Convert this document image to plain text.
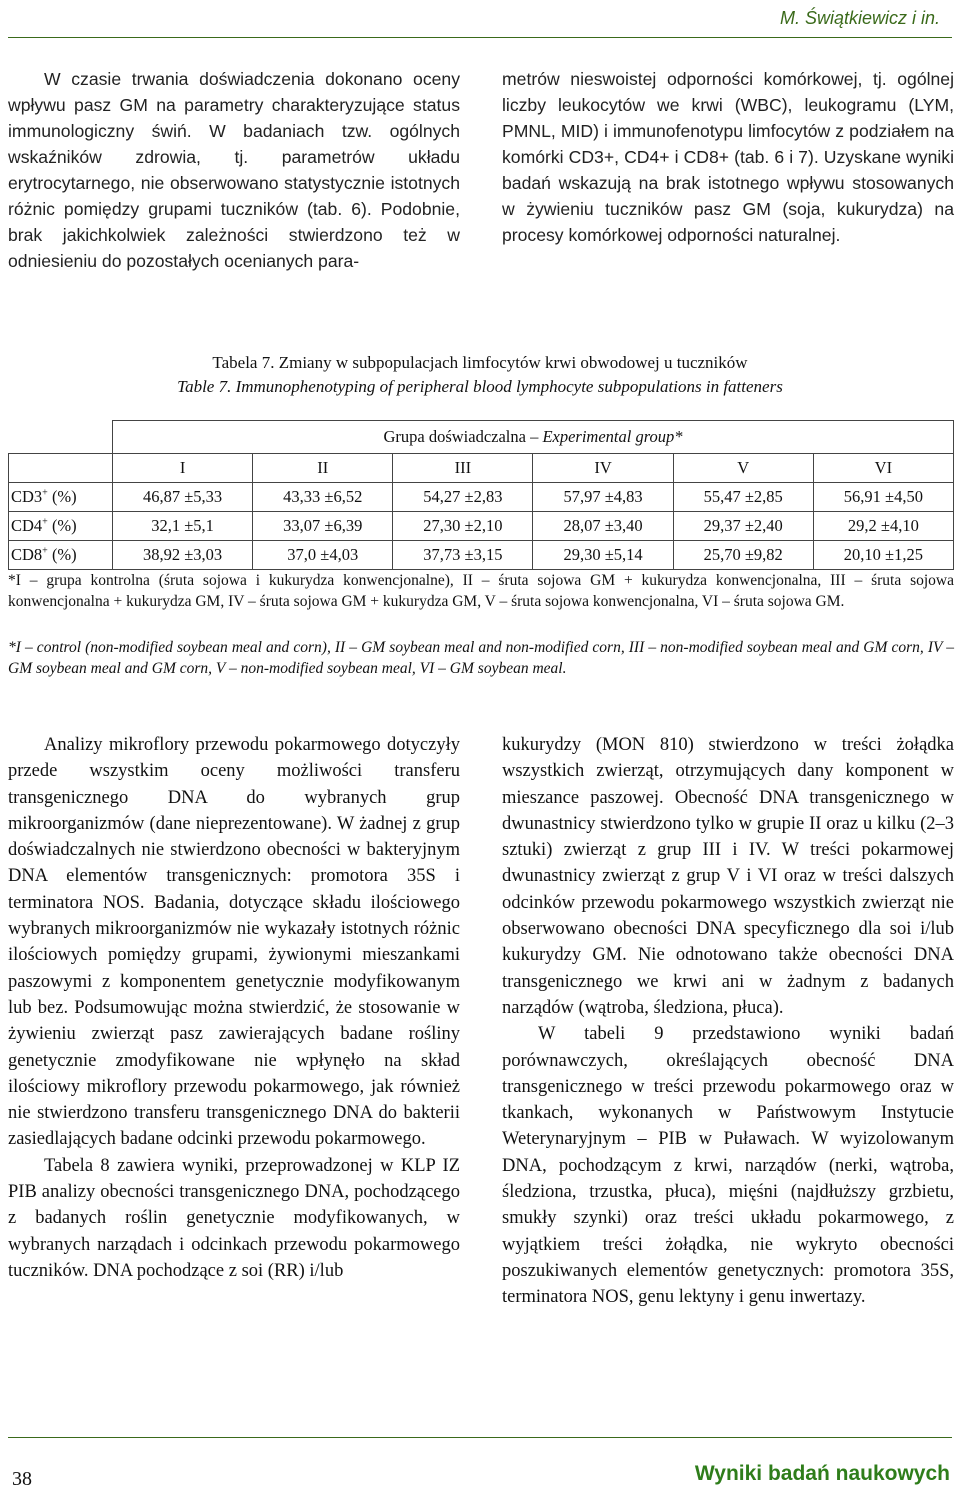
M. Świątkiewicz i in.

W czasie trwania doświadczenia dokonano oceny wpływu pasz GM na parametry charakteryzujące status immunologiczny świń. W badaniach tzw. ogólnych wskaźników zdrowia, tj. parametrów układu erytrocytarnego, nie obserwowano statystycznie istotnych różnic pomiędzy grupami tuczników (tab. 6). Podobnie, brak jakichkolwiek zależności stwierdzono też w odniesieniu do pozostałych ocenianych para-

metrów nieswoistej odporności komórkowej, tj. ogólnej liczby leukocytów we krwi (WBC), leukogramu (LYM, PMNL, MID) i immunofenotypu limfocytów z podziałem na komórki CD3+, CD4+ i CD8+ (tab. 6 i 7). Uzyskane wyniki badań wskazują na brak istotnego wpływu stosowanych w żywieniu tuczników pasz GM (soja, kukurydza) na procesy komórkowej odporności naturalnej.

Tabela 7. Zmiany w subpopulacjach limfocytów krwi obwodowej u tuczników
Table 7. Immunophenotyping of peripheral blood lymphocyte subpopulations in fatteners
	Grupa doświadczalna – Experimental group*					
	I	II	III	IV	V	VI
CD3+ (%)	46,87 ±5,33	43,33 ±6,52	54,27 ±2,83	57,97 ±4,83	55,47 ±2,85	56,91 ±4,50
CD4+ (%)	32,1 ±5,1	33,07 ±6,39	27,30 ±2,10	28,07 ±3,40	29,37 ±2,40	29,2 ±4,10
CD8+ (%)	38,92 ±3,03	37,0 ±4,03	37,73 ±3,15	29,30 ±5,14	25,70 ±9,82	20,10 ±1,25
*I – grupa kontrolna (śruta sojowa i kukurydza konwencjonalne), II – śruta sojowa GM + kukurydza konwencjonalna, III – śruta sojowa konwencjonalna + kukurydza GM, IV – śruta sojowa GM + kukurydza GM, V – śruta sojowa konwencjonalna, VI – śruta sojowa GM.
*I – control (non-modified soybean meal and corn), II – GM soybean meal and non-modified corn, III – non-modified soybean meal and GM corn, IV – GM soybean meal and GM corn, V – non-modified soybean meal, VI – GM soybean meal.

Analizy mikroflory przewodu pokarmowego dotyczyły przede wszystkim oceny możliwości transferu transgenicznego DNA do wybranych grup mikroorganizmów (dane nieprezentowane). W żadnej z grup doświadczalnych nie stwierdzono obecności w bakteryjnym DNA elementów transgenicznych: promotora 35S i terminatora NOS. Badania, dotyczące składu ilościowego wybranych mikroorganizmów nie wykazały istotnych różnic ilościowych pomiędzy grupami, żywionymi mieszankami paszowymi z komponentem genetycznie modyfikowanym lub bez. Podsumowując można stwierdzić, że stosowanie w żywieniu zwierząt pasz zawierających badane rośliny genetycznie zmodyfikowane nie wpłynęło na skład ilościowy mikroflory przewodu pokarmowego, jak również nie stwierdzono transferu transgenicznego DNA do bakterii zasiedlających badane odcinki przewodu pokarmowego.

Tabela 8 zawiera wyniki, przeprowadzonej w KLP IZ PIB analizy obecności transgenicznego DNA, pochodzącego z badanych roślin genetycznie modyfikowanych, w wybranych narządach i odcinkach przewodu pokarmowego tuczników. DNA pochodzące z soi (RR) i/lub

kukurydzy (MON 810) stwierdzono w treści żołądka wszystkich zwierząt, otrzymujących dany komponent w mieszance paszowej. Obecność DNA transgenicznego w dwunastnicy stwierdzono tylko w grupie II oraz u kilku (2–3 sztuki) zwierząt z grup III i IV. W treści pokarmowej dwunastnicy zwierząt z grup V i VI oraz w treści dalszych odcinków przewodu pokarmowego wszystkich zwierząt nie obserwowano obecności DNA specyficznego dla soi i/lub kukurydzy GM. Nie odnotowano także obecności DNA transgenicznego we krwi ani w żadnym z badanych narządów (wątroba, śledziona, płuca).

W tabeli 9 przedstawiono wyniki badań porównawczych, określających obecność DNA transgenicznego w treści przewodu pokarmowego oraz w tkankach, wykonanych w Państwowym Instytucie Weterynaryjnym – PIB w Puławach. W wyizolowanym DNA, pochodzącym z krwi, narządów (nerki, wątroba, śledziona, trzustka, płuca), mięśni (najdłuższy grzbietu, smukły szynki) oraz treści układu pokarmowego, z wyjątkiem treści żołądka, nie wykryto obecności poszukiwanych elementów genetycznych: promotora 35S, terminatora NOS, genu lektyny i genu inwertazy.

38	Wyniki badań naukowych
